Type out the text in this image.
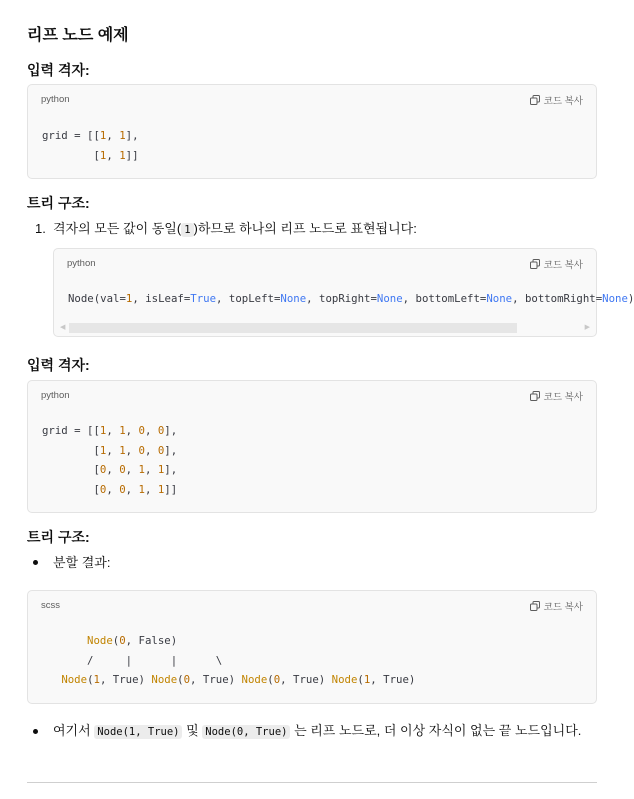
리프 노드 예제
입력 격자:
python	코드 복사
grid = [[1, 1],
[1, 1]]
트리 구조:
1. 격자의 모든 값이 동일( 1 )하므로 하나의 리프 노드로 표현됩니다:
python	코드 복사
Node(val=1, isLeaf=True, topLeft=None, topRight=None, bottomLeft=None, bottomRight=None)
◀	▶
입력 격자:
python	코드 복사
grid = [[1, 1, 0, 0],
[1, 1, 0, 0],
[0, 0, 1, 1],
[0, 0, 1, 1]]
트리 구조:
분할 결과:
scss	코드 복사
Node(0, False)
/     |      |      \
Node(1, True) Node(0, True) Node(0, True) Node(1, True)
여기서 Node(1, True) 및 Node(0, True) 는 리프 노드로, 더 이상 자식이 없는 끝 노드입니다.
